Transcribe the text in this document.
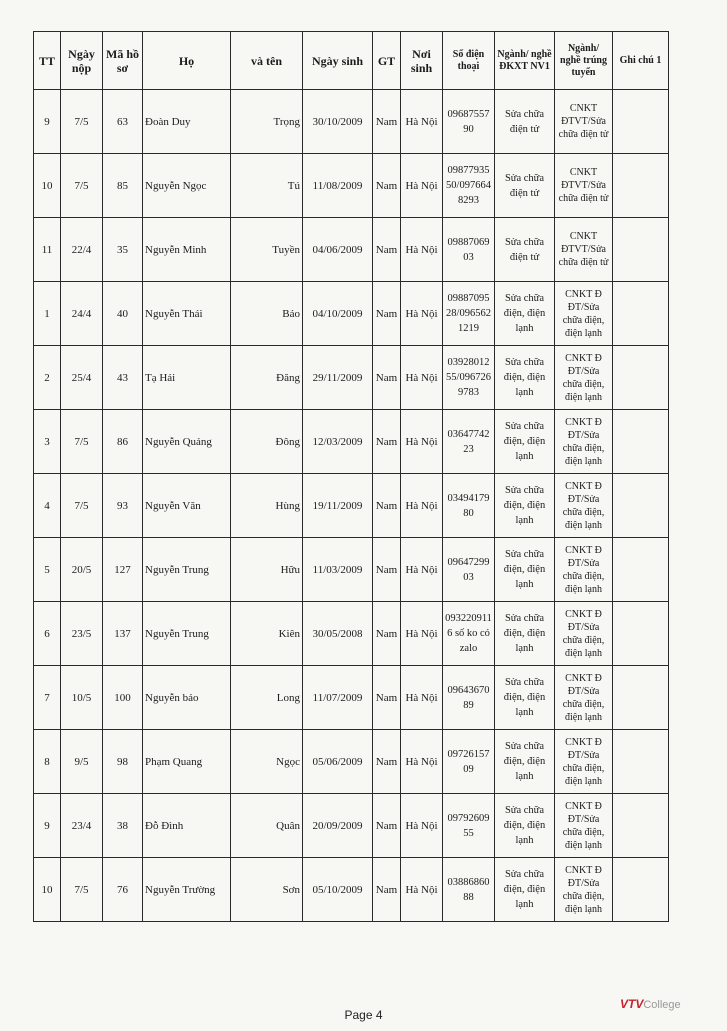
TT	Ngày nộp	Mã hồ sơ	Họ	và tên	Ngày sinh	GT	Nơi sinh	Số điện thoại	Ngành/ nghề ĐKXT NV1	Ngành/ nghề trúng tuyển	Ghi chú 1
9	7/5	63	Đoàn Duy	Trọng	30/10/2009	Nam	Hà Nội	0968755790	Sửa chữa điện tử	CNKT ĐTVT/Sửa chữa điện tử	
10	7/5	85	Nguyễn Ngọc	Tú	11/08/2009	Nam	Hà Nội	0987793550/0976648293	Sửa chữa điện tử	CNKT ĐTVT/Sửa chữa điện tử	
11	22/4	35	Nguyễn Minh	Tuyền	04/06/2009	Nam	Hà Nội	0988706903	Sửa chữa điện tử	CNKT ĐTVT/Sửa chữa điện tử	
1	24/4	40	Nguyễn Thái	Bảo	04/10/2009	Nam	Hà Nội	0988709528/0965621219	Sửa chữa điện, điện lạnh	CNKT Đ ĐT/Sửa chữa điện, điện lạnh	
2	25/4	43	Tạ Hải	Đăng	29/11/2009	Nam	Hà Nội	0392801255/0967269783	Sửa chữa điện, điện lạnh	CNKT Đ ĐT/Sửa chữa điện, điện lạnh	
3	7/5	86	Nguyễn Quảng	Đông	12/03/2009	Nam	Hà Nội	0364774223	Sửa chữa điện, điện lạnh	CNKT Đ ĐT/Sửa chữa điện, điện lạnh	
4	7/5	93	Nguyễn Văn	Hùng	19/11/2009	Nam	Hà Nội	0349417980	Sửa chữa điện, điện lạnh	CNKT Đ ĐT/Sửa chữa điện, điện lạnh	
5	20/5	127	Nguyễn Trung	Hữu	11/03/2009	Nam	Hà Nội	0964729903	Sửa chữa điện, điện lạnh	CNKT Đ ĐT/Sửa chữa điện, điện lạnh	
6	23/5	137	Nguyễn Trung	Kiên	30/05/2008	Nam	Hà Nội	0932209116 số ko có zalo	Sửa chữa điện, điện lạnh	CNKT Đ ĐT/Sửa chữa điện, điện lạnh	
7	10/5	100	Nguyễn bảo	Long	11/07/2009	Nam	Hà Nội	0964367089	Sửa chữa điện, điện lạnh	CNKT Đ ĐT/Sửa chữa điện, điện lạnh	
8	9/5	98	Phạm Quang	Ngọc	05/06/2009	Nam	Hà Nội	0972615709	Sửa chữa điện, điện lạnh	CNKT Đ ĐT/Sửa chữa điện, điện lạnh	
9	23/4	38	Đỗ Đình	Quân	20/09/2009	Nam	Hà Nội	0979260955	Sửa chữa điện, điện lạnh	CNKT Đ ĐT/Sửa chữa điện, điện lạnh	
10	7/5	76	Nguyễn Trường	Sơn	05/10/2009	Nam	Hà Nội	0388686088	Sửa chữa điện, điện lạnh	CNKT Đ ĐT/Sửa chữa điện, điện lạnh	
Page 4
VTVCollege
